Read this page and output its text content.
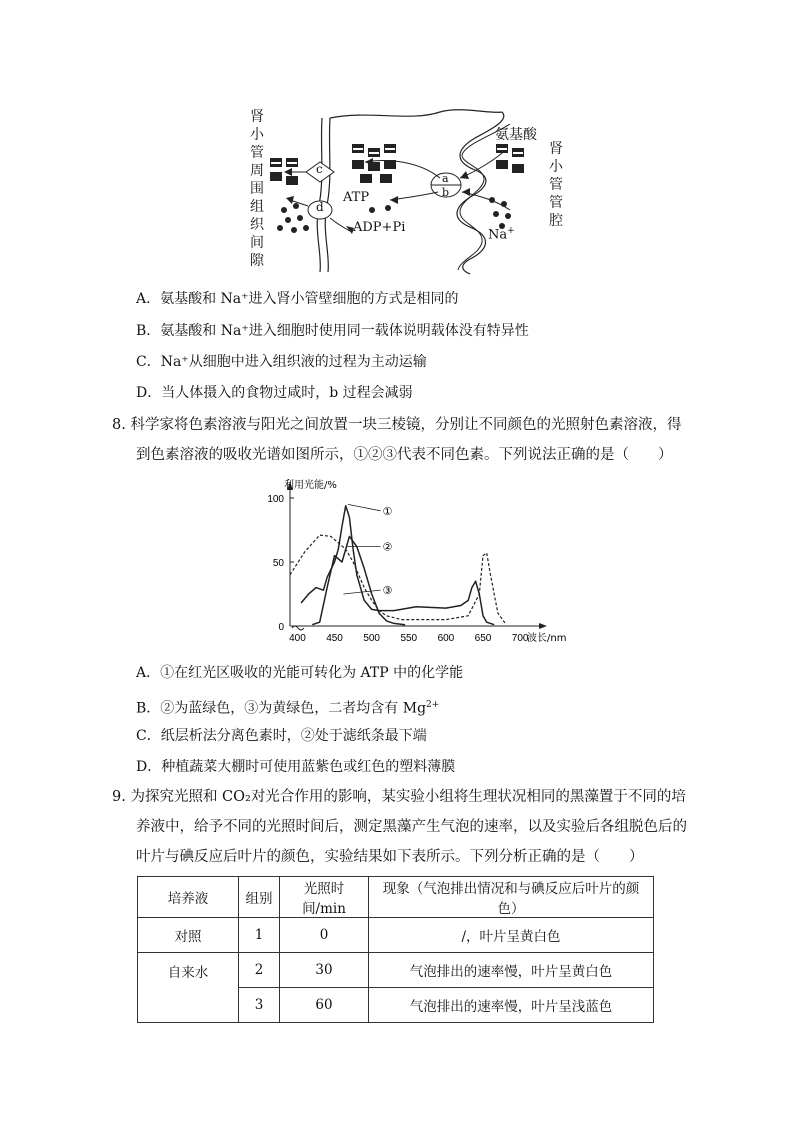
c
d
a
b
氨基酸
ATP
ADP+Pi	Na+
肾
小
管
周
围
组
织
间
隙
肾
小
管
管
腔
A．氨基酸和 Na⁺进入肾小管壁细胞的方式是相同的
B．氨基酸和 Na⁺进入细胞时使用同一载体说明载体没有特异性
C．Na⁺从细胞中进入组织液的过程为主动运输
D．当人体摄入的食物过咸时，b 过程会减弱
8. 科学家将色素溶液与阳光之间放置一块三棱镜，分别让不同颜色的光照射色素溶液，得
到色素溶液的吸收光谱如图所示，①②③代表不同色素。下列说法正确的是（　　）
0
50
100
400 450 500 550 600 650 700
利用光能/%
波长/nm
①
②
③
A．①在红光区吸收的光能可转化为 ATP 中的化学能
B．②为蓝绿色，③为黄绿色，二者均含有 $Mg^{2+}$
C．纸层析法分离色素时，②处于滤纸条最下端
D．种植蔬菜大棚时可使用蓝紫色或红色的塑料薄膜
9. 为探究光照和 CO₂对光合作用的影响，某实验小组将生理状况相同的黑藻置于不同的培
养液中，给予不同的光照时间后，测定黑藻产生气泡的速率，以及实验后各组脱色后的
叶片与碘反应后叶片的颜色，实验结果如下表所示。下列分析正确的是（　　）
培养液	组别	光照时间/min	现象（气泡排出情况和与碘反应后叶片的颜色）
对照	1	0	/，叶片呈黄白色
自来水	2	30	气泡排出的速率慢，叶片呈黄白色
	3	60	气泡排出的速率慢，叶片呈浅蓝色
